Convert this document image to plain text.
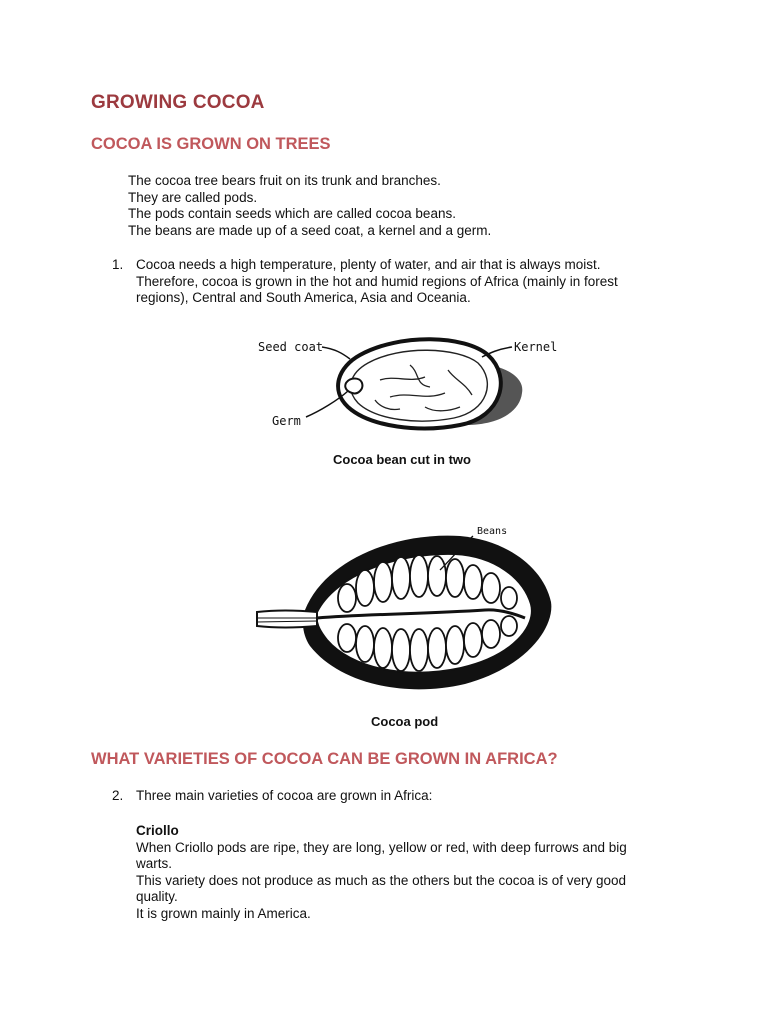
GROWING COCOA
COCOA IS GROWN ON TREES
The cocoa tree bears fruit on its trunk and branches.
They are called pods.
The pods contain seeds which are called cocoa beans.
The beans are made up of a seed coat, a kernel and a germ.
1. Cocoa needs a high temperature, plenty of water, and air that is always moist.
Therefore, cocoa is grown in the hot and humid regions of Africa (mainly in forest
regions), Central and South America, Asia and Oceania.
Seed coat	Kernel
Germ

Cocoa bean cut in two

Beans

Cocoa pod

WHAT VARIETIES OF COCOA CAN BE GROWN IN AFRICA?
2. Three main varieties of cocoa are grown in Africa:
Criollo
When Criollo pods are ripe, they are long, yellow or red, with deep furrows and big
warts.
This variety does not produce as much as the others but the cocoa is of very good
quality.
It is grown mainly in America.
